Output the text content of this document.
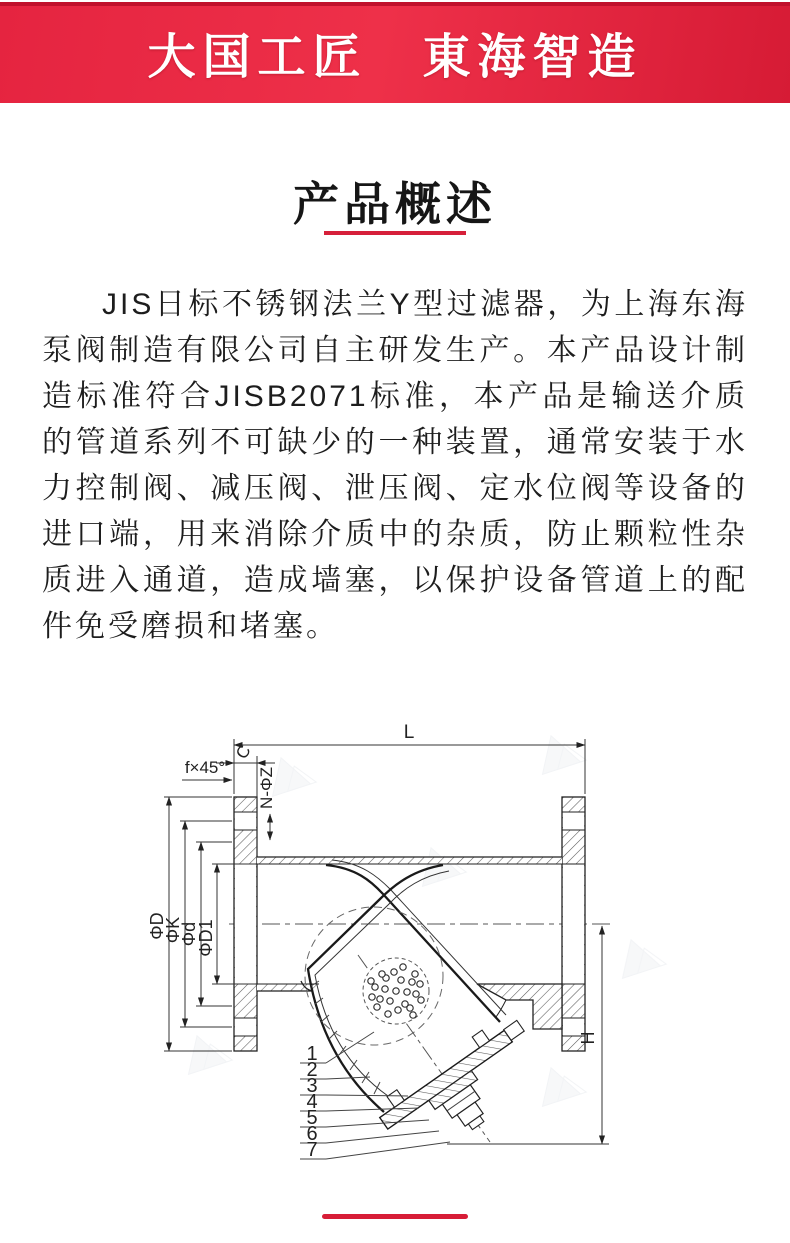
大国工匠　東海智造
产品概述

JIS日标不锈钢法兰Y型过滤器，为上海东海泵阀制造有限公司自主研发生产。本产品设计制造标准符合JISB2071标准，本产品是输送介质的管道系列不可缺少的一种装置，通常安装于水力控制阀、减压阀、泄压阀、定水位阀等设备的进口端，用来消除介质中的杂质，防止颗粒性杂质进入通道，造成墙塞，以保护设备管道上的配件免受磨损和堵塞。

L
C
f×45° N-ΦZ
ΦD
ΦK
Φd
ΦD1
H
1
2
3
4
5
6
7
